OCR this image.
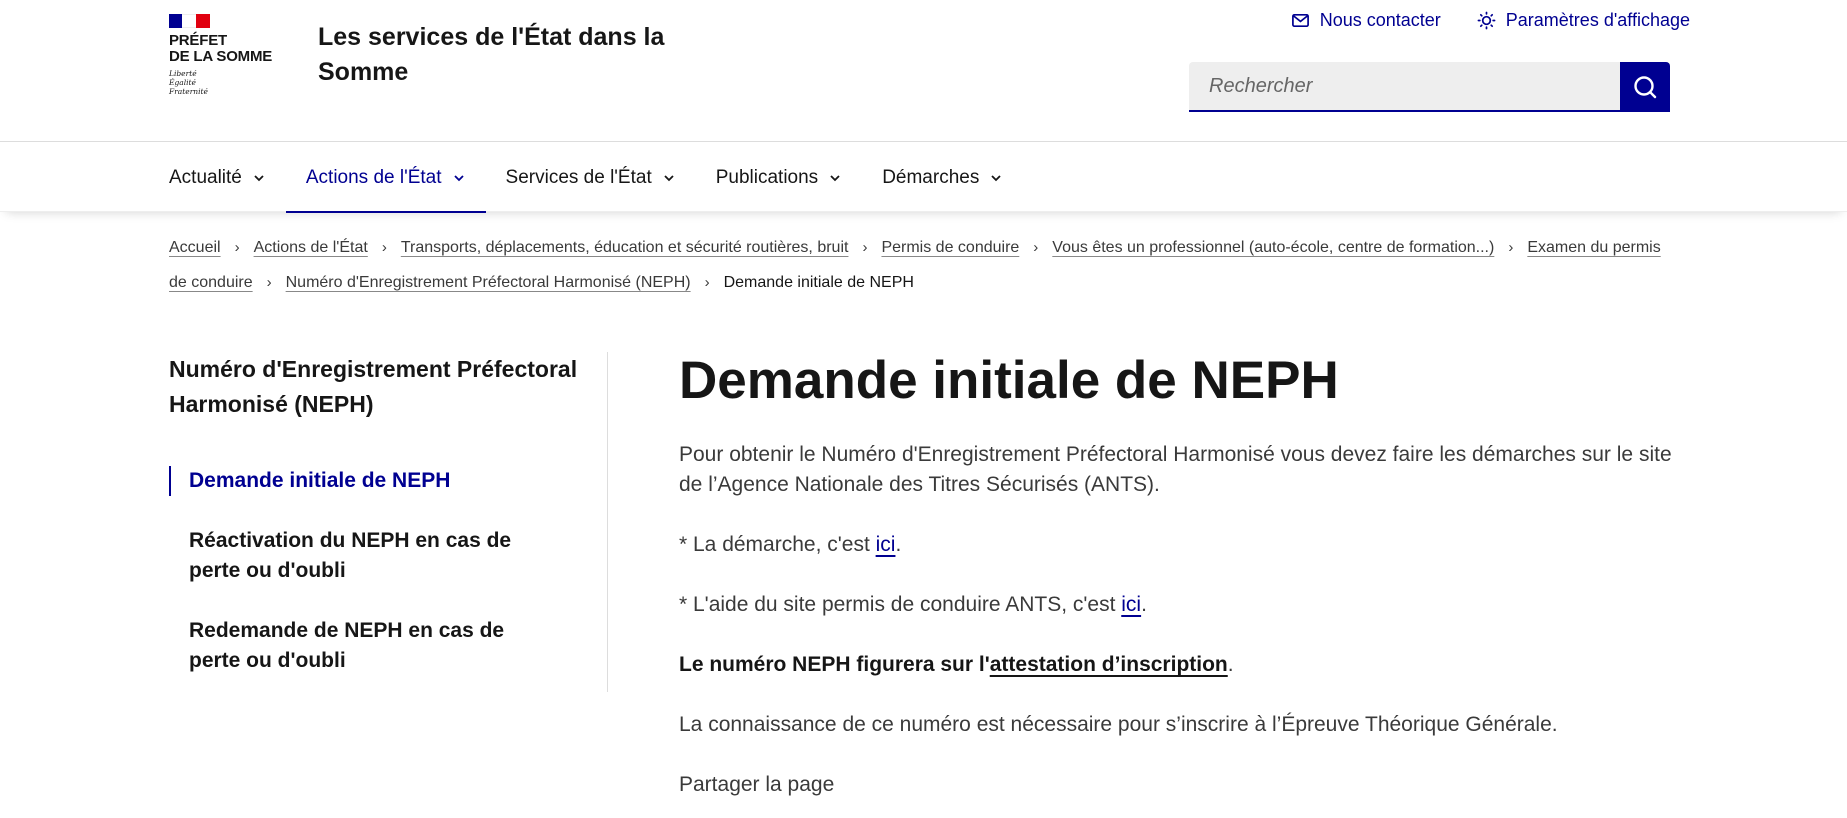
PRÉFET
DE LA SOMME
Liberté
Égalité
Fraternité
Les services de l'État dans la Somme
Nous contacter	Paramètres d'affichage
Rechercher
Actualité	Actions de l'État	Services de l'État	Publications	Démarches
Accueil › Actions de l'État › Transports, déplacements, éducation et sécurité routières, bruit › Permis de conduire › Vous êtes un professionnel (auto-école, centre de formation...) › Examen du permis de conduire › Numéro d'Enregistrement Préfectoral Harmonisé (NEPH) › Demande initiale de NEPH
Numéro d'Enregistrement Préfectoral Harmonisé (NEPH)
Demande initiale de NEPH
Réactivation du NEPH en cas de perte ou d'oubli
Redemande de NEPH en cas de perte ou d'oubli
Demande initiale de NEPH

Pour obtenir le Numéro d'Enregistrement Préfectoral Harmonisé vous devez faire les démarches sur le site de l’Agence Nationale des Titres Sécurisés (ANTS).

* La démarche, c'est ici.

* L'aide du site permis de conduire ANTS, c'est ici.

Le numéro NEPH figurera sur l'attestation d’inscription.

La connaissance de ce numéro est nécessaire pour s’inscrire à l’Épreuve Théorique Générale.

Partager la page
